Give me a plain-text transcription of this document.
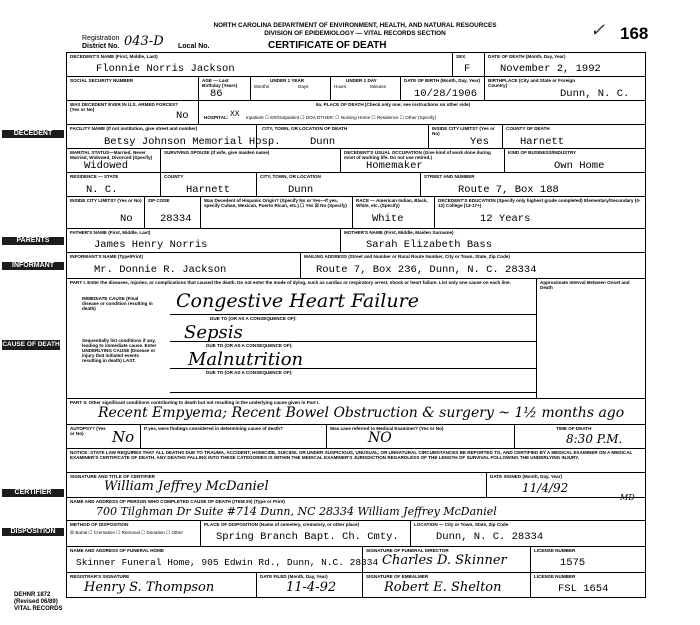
NORTH CAROLINA DEPARTMENT OF ENVIRONMENT, HEALTH, AND NATURAL RESOURCES
DIVISION OF EPIDEMIOLOGY — VITAL RECORDS SECTION
Registration
District No. 043-D Local No.	CERTIFICATE OF DEATH
✓ 168
DECEDENT
PARENTS
INFORMANT
CAUSE OF DEATH
CERTIFIER
DISPOSITION
DEHNR 1872
(Revised 06/89)
VITAL RECORDS
DECEDENT'S NAME (First, Middle, Last)
Flonnie Norris Jackson
SEX
F
DATE OF DEATH (Month, Day, Year)
November 2, 1992
SOCIAL SECURITY NUMBER	AGE — Last Birthday (Years)
86
UNDER 1 YEAR
Months	Days
UNDER 1 DAY
Hours	Minutes
DATE OF BIRTH (Month, Day, Year)
10/28/1906
BIRTHPLACE (City and State or Foreign Country)
Dunn, N. C.
WAS DECEDENT EVER IN U.S. ARMED FORCES? (Yes or No)
No
9a. PLACE OF DEATH (Check only one; see instructions on other side)
HOSPITAL: XX Inpatient ☐ ER/Outpatient ☐ DOA OTHER: ☐ Nursing Home ☐ Residence ☐ Other (Specify)
FACILITY NAME (If not institution, give street and number)
Betsy Johnson Memorial Hosp.
CITY, TOWN, OR LOCATION OF DEATH
Dunn
INSIDE CITY LIMITS? (Yes or No)
Yes
COUNTY OF DEATH
Harnett
MARITAL STATUS—Married, Never Married, Widowed, Divorced (Specify)
Widowed
SURVIVING SPOUSE (If wife, give maiden name)	DECEDENT'S USUAL OCCUPATION (Give kind of work done during most of working life. Do not use retired.)
Homemaker
KIND OF BUSINESS/INDUSTRY
Own Home
RESIDENCE — STATE
N. C.
COUNTY
Harnett
CITY, TOWN, OR LOCATION
Dunn
STREET AND NUMBER
Route 7, Box 188
INSIDE CITY LIMITS? (Yes or No)
No
ZIP CODE
28334
Was Decedent of Hispanic Origin? (Specify No or Yes—If yes, specify Cuban, Mexican, Puerto Rican, etc.) ☐ Yes ☒ No (Specify)
RACE — American Indian, Black, White, etc. (Specify)
White
DECEDENT'S EDUCATION (Specify only highest grade completed) Elementary/Secondary (0-12) College (13-17+)
12 Years
FATHER'S NAME (First, Middle, Last)
James Henry Norris
MOTHER'S NAME (First, Middle, Maiden Surname)
Sarah Elizabeth Bass
INFORMANT'S NAME (Type/Print)
Mr. Donnie R. Jackson
MAILING ADDRESS (Street and Number or Rural Route Number, City or Town, State, Zip Code)
Route 7, Box 236, Dunn, N. C. 28334
PART I. Enter the diseases, injuries, or complications that caused the death. Do not enter the mode of dying, such as cardiac or respiratory arrest, shock or heart failure. List only one cause on each line.	Approximate Interval Between Onset and Death
IMMEDIATE CAUSE (Final disease or condition resulting in death)	Congestive Heart Failure
DUE TO (OR AS A CONSEQUENCE OF):
Sepsis
DUE TO (OR AS A CONSEQUENCE OF):
Malnutrition
DUE TO (OR AS A CONSEQUENCE OF):
Sequentially list conditions if any, leading to immediate cause. Enter UNDERLYING CAUSE (Disease or injury that initiated events resulting in death) LAST.
PART II. Other significant conditions contributing to death but not resulting in the underlying cause given in Part I.
Recent Empyema; Recent Bowel Obstruction & surgery ~ 1½ months ago
AUTOPSY? (Yes or No)	No If yes, were findings considered in determining cause of death?	Was case referred to Medical Examiner? (Yes or No)
NO
TIME OF DEATH
8:30 P.M.
NOTICE: STATE LAW REQUIRES THAT ALL DEATHS DUE TO TRAUMA, ACCIDENT, HOMICIDE, SUICIDE, OR UNDER SUSPICIOUS, UNUSUAL, OR UNNATURAL CIRCUMSTANCES BE REPORTED TO, AND CERTIFIED BY A MEDICAL EXAMINER ON A MEDICAL EXAMINER'S CERTIFICATE OF DEATH. ANY DEATHS FALLING INTO THESE CATEGORIES IS WITHIN THE MEDICAL EXAMINER'S JURISDICTION REGARDLESS OF THE LENGTH OF SURVIVAL FOLLOWING THE UNDERLYING INJURY.
SIGNATURE AND TITLE OF CERTIFIER
William Jeffrey McDaniel
DATE SIGNED (Month, Day, Year)
11/4/92
NAME AND ADDRESS OF PERSON WHO COMPLETED CAUSE OF DEATH (ITEM 20) (Type or Print)
700 Tilghman Dr Suite #714 Dunn, NC 28334 William Jeffrey McDaniel
MD
METHOD OF DISPOSITION
☒ Burial ☐ Cremation ☐ Removal ☐ Donation ☐ Other
PLACE OF DISPOSITION (Name of cemetery, crematory, or other place)
Spring Branch Bapt. Ch. Cmty.
LOCATION — City or Town, State, Zip Code
Dunn, N. C. 28334
NAME AND ADDRESS OF FUNERAL HOME
Skinner Funeral Home, 905 Edwin Rd., Dunn, N.C. 28334
SIGNATURE OF FUNERAL DIRECTOR
Charles D. Skinner
LICENSE NUMBER
1575
REGISTRAR'S SIGNATURE
Henry S. Thompson
DATE FILED (Month, Day, Year)
11-4-92
SIGNATURE OF EMBALMER
Robert E. Shelton
LICENSE NUMBER
FSL 1654
